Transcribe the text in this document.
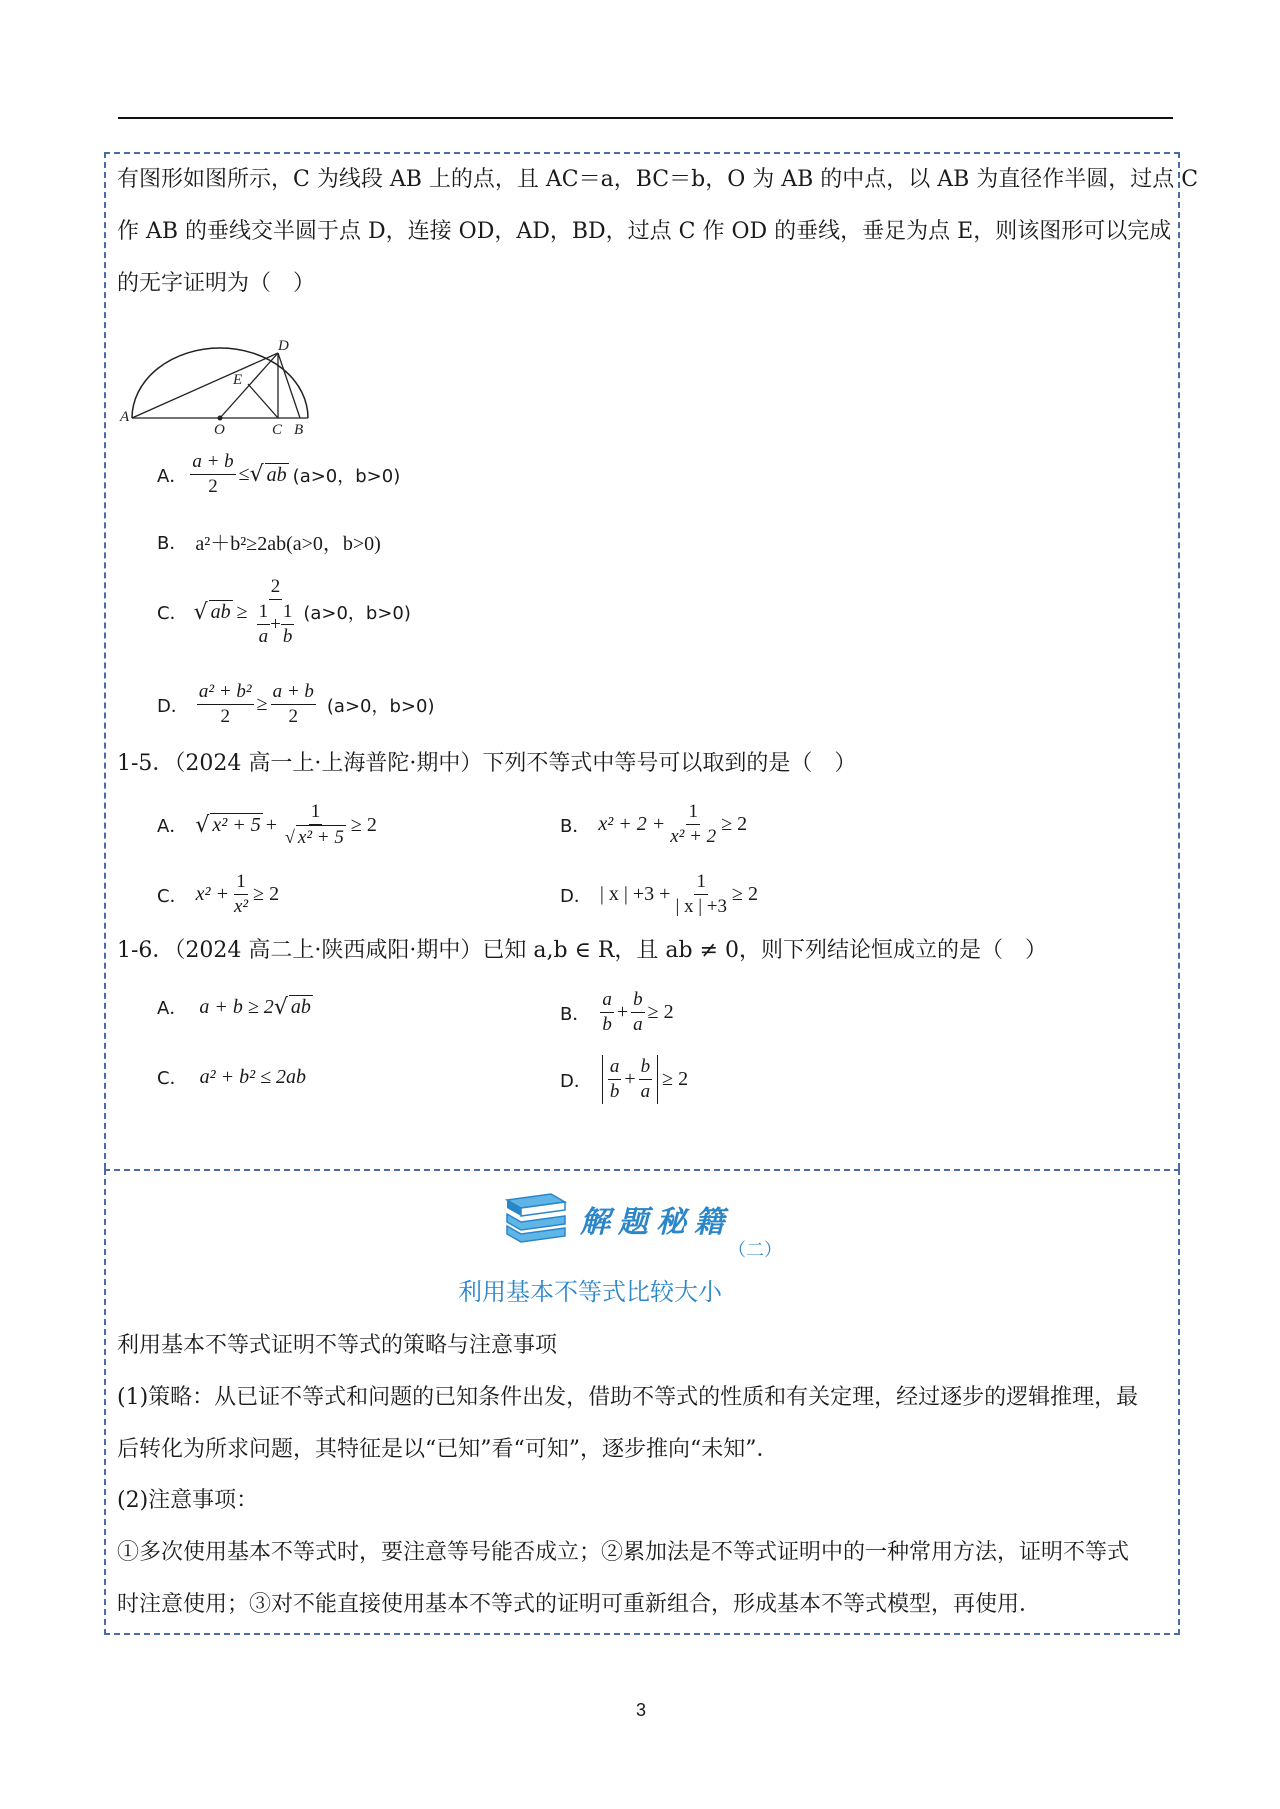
有图形如图所示，C 为线段 AB 上的点，且 AC＝a，BC＝b，O 为 AB 的中点，以 AB 为直径作半圆，过点 C
作 AB 的垂线交半圆于点 D，连接 OD，AD，BD，过点 C 作 OD 的垂线，垂足为点 E，则该图形可以完成
的无字证明为（　）
D
E
A
O	C B
A． $\frac{a + b}{2}$ ≤ √ ab (a>0，b>0)
B． a²＋b²≥2ab(a>0，b>0)
C． √ ab ≥ $\frac{2}{\frac{1}{a} + \frac{1}{b}} (a>0$，b>0)
D． $\frac{\text{a² + b²}}{2} \ge \frac{a + b}{2} (a>0$，b>0)
1-5．（2024 高一上·上海普陀·期中）下列不等式中等号可以取到的是（　）
A． √ $x^2 + 5 + \frac{1}{\text{√ x² + 5}} \ge 2$	B． $x^2 + 2 + \frac{1}{\text{x² + 2}} \ge 2$
C． $x^2 + \frac{1}{\text{x²}} \ge 2$	D． | x | $+3 + \frac{1}{| x | +3} \ge 2$
1-6．（2024 高二上·陕西咸阳·期中）已知 a,b ∈ R，且 ab ≠ 0，则下列结论恒成立的是（　）
A． a + b ≥ 2 √ ab	B． $\frac{a}{b} + \frac{b}{a} \ge 2$
C． a² + b² ≤ 2ab	D． $\frac{a}{b} + \frac{b}{a} \ge 2$
解题秘籍
（二）
利用基本不等式比较大小
利用基本不等式证明不等式的策略与注意事项
(1)策略：从已证不等式和问题的已知条件出发，借助不等式的性质和有关定理，经过逐步的逻辑推理，最
后转化为所求问题，其特征是以“已知”看“可知”，逐步推向“未知”．
(2)注意事项：
①多次使用基本不等式时，要注意等号能否成立；②累加法是不等式证明中的一种常用方法，证明不等式
时注意使用；③对不能直接使用基本不等式的证明可重新组合，形成基本不等式模型，再使用．
3
